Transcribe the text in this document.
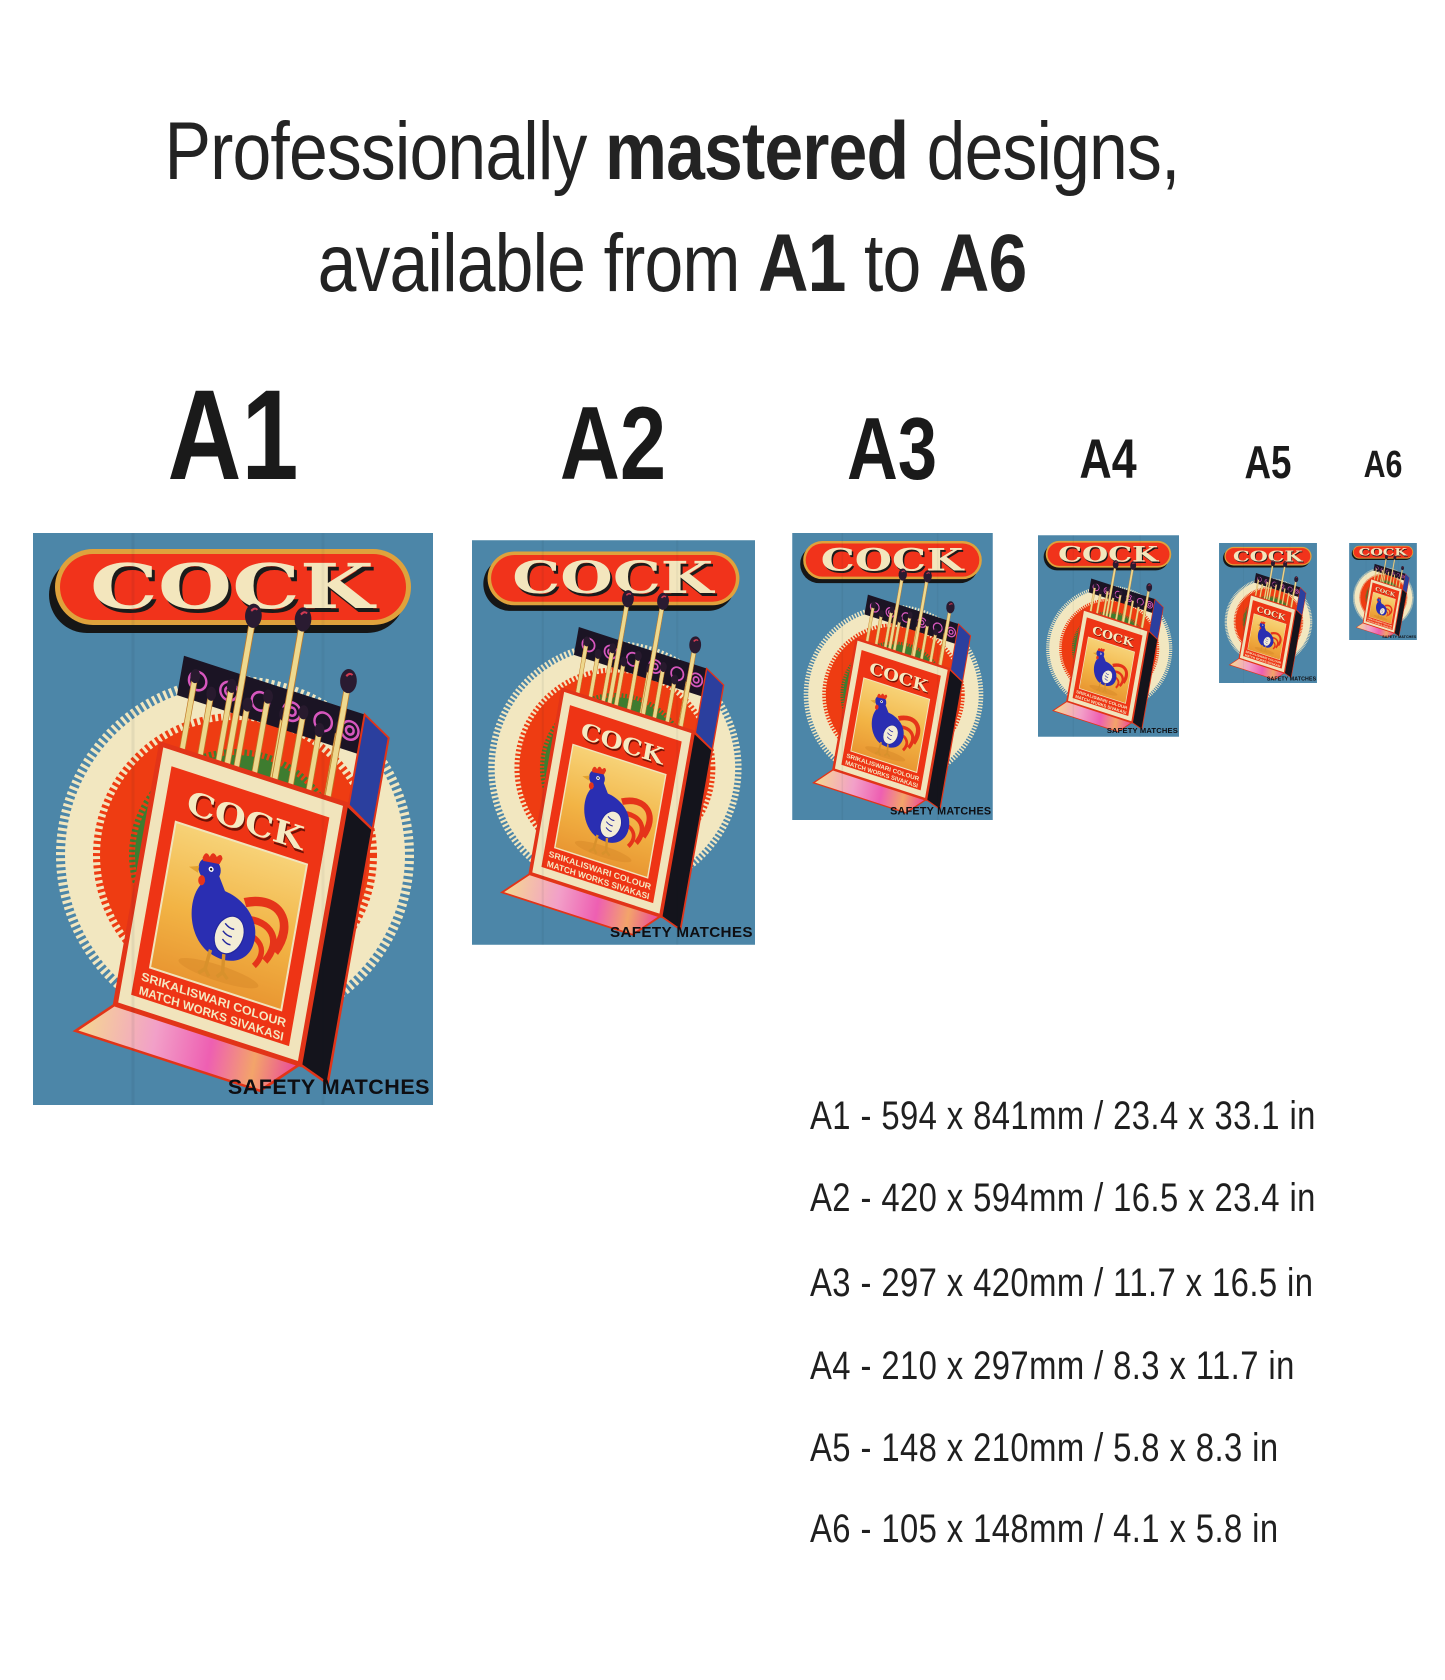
Professionally mastered designs,
available from A1 to A6
A1	A2	A3	A4	A5	A6
A1 - 594 x 841mm / 23.4 x 33.1 in
A2 - 420 x 594mm / 16.5 x 23.4 in
A3 - 297 x 420mm / 11.7 x 16.5 in
A4 - 210 x 297mm / 8.3 x 11.7 in
A5 - 148 x 210mm / 5.8 x 8.3 in
A6 - 105 x 148mm / 4.1 x 5.8 in
